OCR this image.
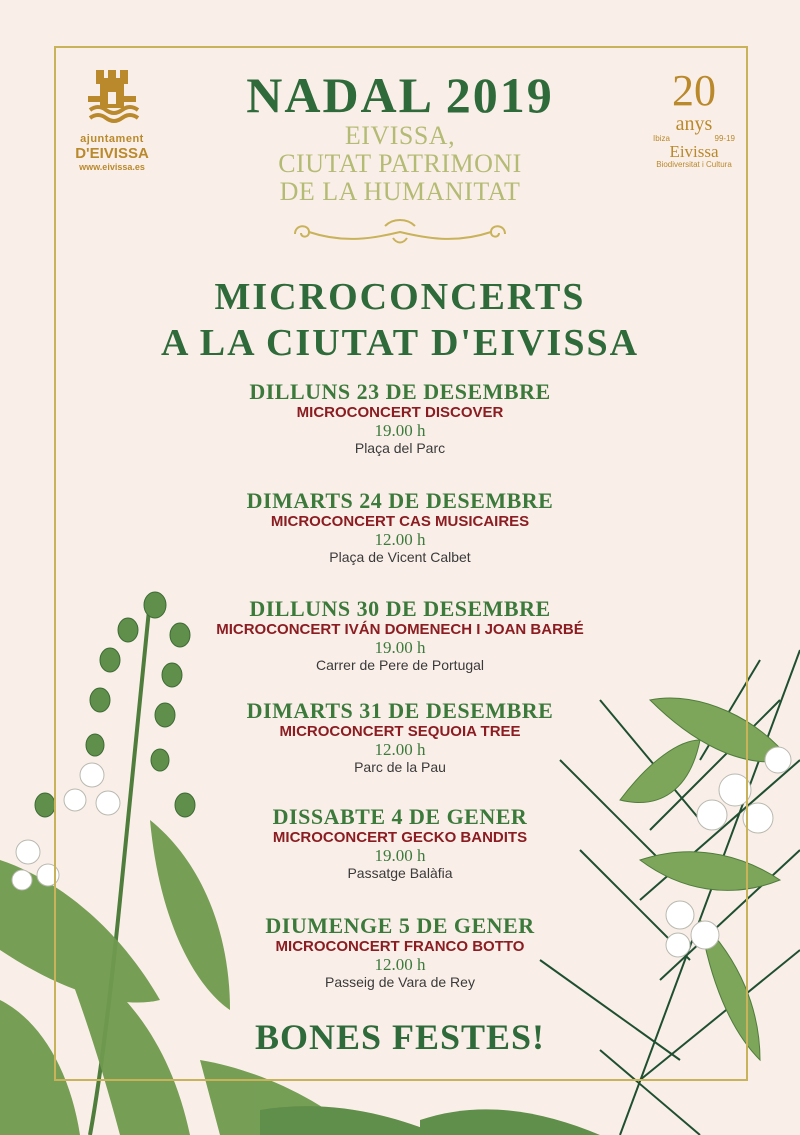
ajuntament
D'EIVISSA
www.eivissa.es
20
anys
Ibiza	99-19
Eivissa
Biodiversitat i Cultura
NADAL 2019
EIVISSA,
CIUTAT PATRIMONI
DE LA HUMANITAT
MICROCONCERTS
A LA CIUTAT D'EIVISSA
DILLUNS 23 DE DESEMBRE
MICROCONCERT DISCOVER
19.00 h
Plaça del Parc
DIMARTS 24 DE DESEMBRE
MICROCONCERT CAS MUSICAIRES
12.00 h
Plaça de Vicent Calbet
DILLUNS 30 DE DESEMBRE
MICROCONCERT IVÁN DOMENECH I JOAN BARBÉ
19.00 h
Carrer de Pere de Portugal
DIMARTS 31 DE DESEMBRE
MICROCONCERT SEQUOIA TREE
12.00 h
Parc de la Pau
DISSABTE 4 DE GENER
MICROCONCERT GECKO BANDITS
19.00 h
Passatge Balàfia
DIUMENGE 5 DE GENER
MICROCONCERT FRANCO BOTTO
12.00 h
Passeig de Vara de Rey
BONES FESTES!
